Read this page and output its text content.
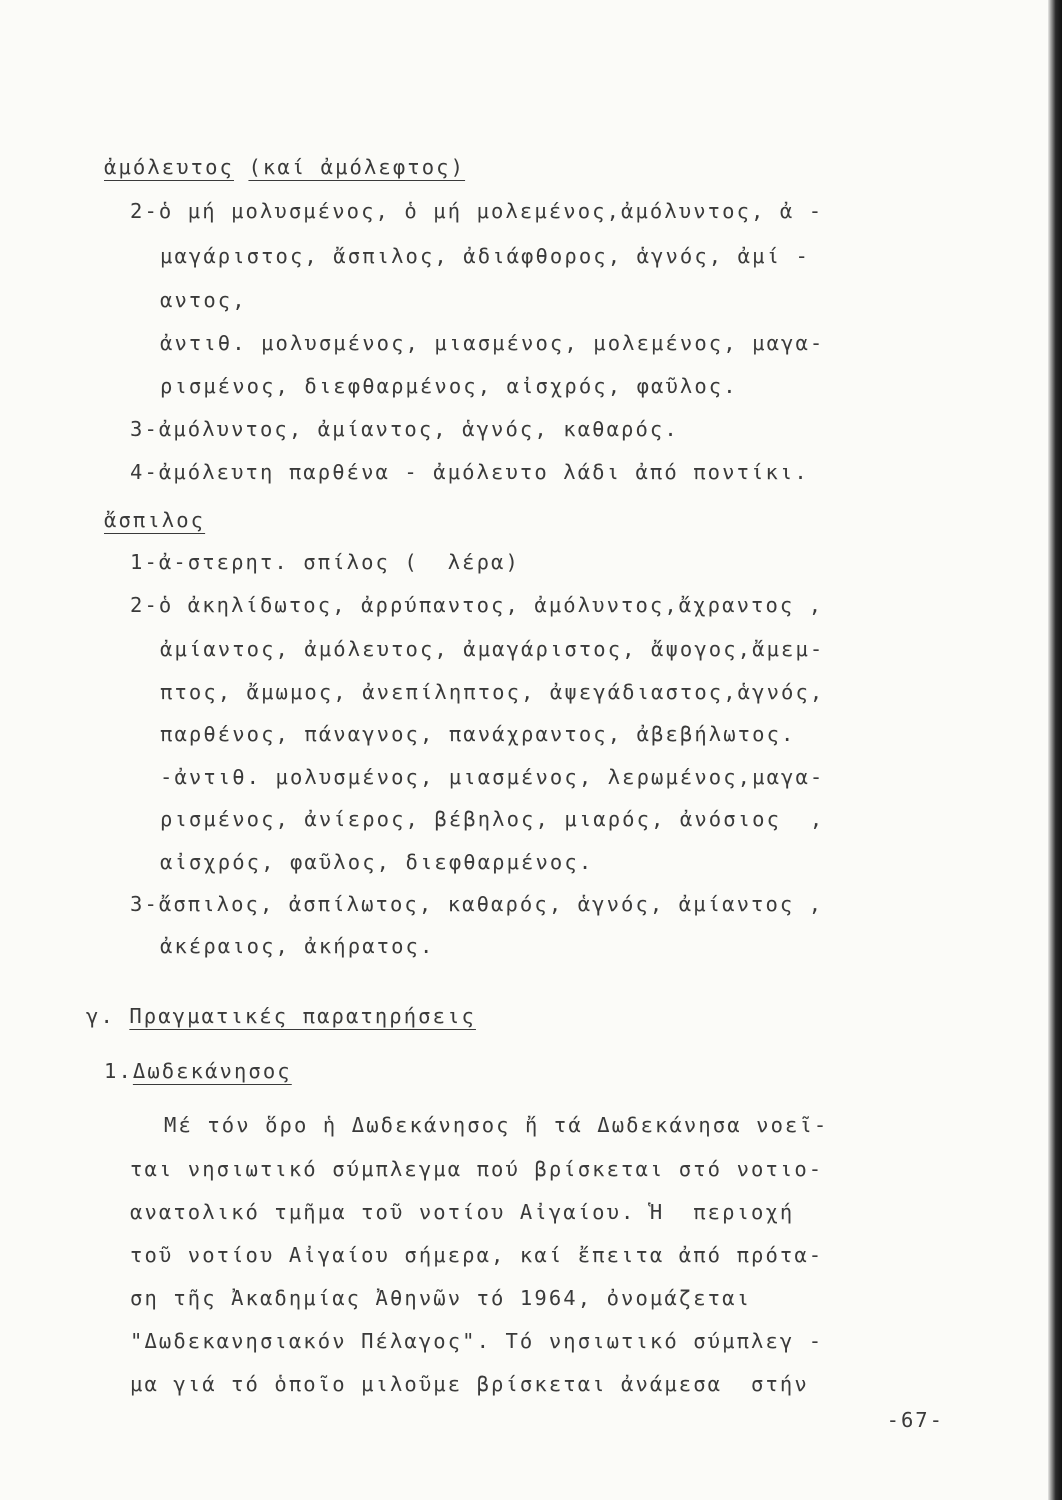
ἀμόλευτος (καί ἀμόλεφτος)
2-ὁ μή μολυσμένος, ὁ μή μολεμένος,ἀμόλυντος, ἀ -
μαγάριστος, ἄσπιλος, ἀδιάφθορος, ἁγνός, ἀμί -
αντος,
ἀντιθ. μολυσμένος, μιασμένος, μολεμένος, μαγα-
ρισμένος, διεφθαρμένος, αἰσχρός, φαῦλος.
3-ἀμόλυντος, ἀμίαντος, ἁγνός, καθαρός.
4-ἀμόλευτη παρθένα - ἀμόλευτο λάδι ἀπό ποντίκι.
ἄσπιλος
1-ἀ-στερητ. σπίλος (  λέρα)
2-ὁ ἀκηλίδωτος, ἀρρύπαντος, ἀμόλυντος,ἄχραντος ,
ἀμίαντος, ἀμόλευτος, ἀμαγάριστος, ἄψογος,ἄμεμ-
πτος, ἄμωμος, ἀνεπίληπτος, ἀψεγάδιαστος,ἁγνός,
παρθένος, πάναγνος, πανάχραντος, ἀβεβήλωτος.
-ἀντιθ. μολυσμένος, μιασμένος, λερωμένος,μαγα-
ρισμένος, ἀνίερος, βέβηλος, μιαρός, ἀνόσιος  ,
αἰσχρός, φαῦλος, διεφθαρμένος.
3-ἄσπιλος, ἀσπίλωτος, καθαρός, ἁγνός, ἀμίαντος ,
ἀκέραιος, ἀκήρατος.
γ. Πραγματικές παρατηρήσεις
1.Δωδεκάνησος
Μέ τόν ὅρο ἡ Δωδεκάνησος ἤ τά Δωδεκάνησα νοεῖ-
ται νησιωτικό σύμπλεγμα πού βρίσκεται στό νοτιο-
ανατολικό τμῆμα τοῦ νοτίου Αἰγαίου. Ἡ  περιοχή
τοῦ νοτίου Αἰγαίου σήμερα, καί ἔπειτα ἀπό πρότα-
ση τῆς Ἀκαδημίας Ἀθηνῶν τό 1964, ὀνομάζεται
"Δωδεκανησιακόν Πέλαγος". Τό νησιωτικό σύμπλεγ -
μα γιά τό ὁποῖο μιλοῦμε βρίσκεται ἀνάμεσα  στήν
-67-
